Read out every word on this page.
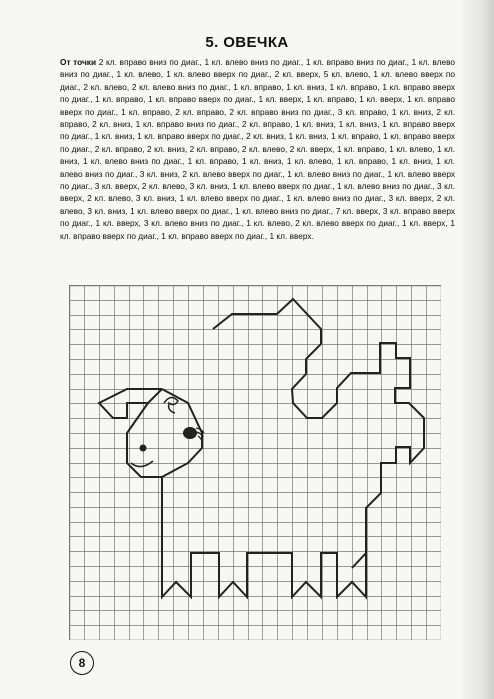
5. ОВЕЧКА
От точки 2 кл. вправо вниз по диаг., 1 кл. влево вниз по диаг., 1 кл. вправо вниз по диаг., 1 кл. влево вниз по диаг., 1 кл. влево, 1 кл. влево вверх по диаг., 2 кл. вверх, 5 кл. влево, 1 кл. влево вверх по диаг., 2 кл. влево, 2 кл. влево вниз по диаг., 1 кл. вправо, 1 кл. вниз, 1 кл. вправо, 1 кл. вправо вверх по диаг., 1 кл. вправо, 1 кл. вправо вверх по диаг., 1 кл. вверх, 1 кл. вправо, 1 кл. вверх, 1 кл. вправо вверх по диаг., 1 кл. вправо, 2 кл. вправо, 2 кл. вправо вниз по диаг., 3 кл. вправо, 1 кл. вниз, 2 кл. вправо, 2 кл. вниз, 1 кл. вправо вниз по диаг., 2 кл. вправо, 1 кл. вниз, 1 кл. вниз, 1 кл. вправо вверх по диаг., 1 кл. вниз, 1 кл. вправо вверх по диаг., 2 кл. вниз, 1 кл. вниз, 1 кл. вправо, 1 кл. вправо вверх по диаг., 2 кл. вправо, 2 кл. вниз, 2 кл. вправо, 2 кл. влево, 2 кл. вверх, 1 кл. вправо, 1 кл. влево, 1 кл. вниз, 1 кл. влево вниз по диаг., 1 кл. вправо, 1 кл. вниз, 1 кл. влево, 1 кл. вправо, 1 кл. вниз, 1 кл. влево вниз по диаг., 3 кл. вниз, 2 кл. влево вверх по диаг., 1 кл. влево вниз по диаг., 1 кл. влево вверх по диаг., 3 кл. вверх, 2 кл. влево, 3 кл. вниз, 1 кл. влево вверх по диаг., 1 кл. влево вниз по диаг., 3 кл. вверх, 2 кл. влево, 3 кл. вниз, 1 кл. влево вверх по диаг., 1 кл. влево вниз по диаг., 3 кл. вверх, 2 кл. влево, 3 кл. вниз, 1 кл. влево вверх по диаг., 1 кл. влево вниз по диаг., 7 кл. вверх, 3 кл. вправо вверх по диаг., 1 кл. вверх, 3 кл. влево вниз по диаг., 1 кл. влево, 2 кл. влево вверх по диаг., 1 кл. вверх, 1 кл. вправо вверх по диаг., 1 кл. вправо вверх по диаг., 1 кл. вверх.
8
